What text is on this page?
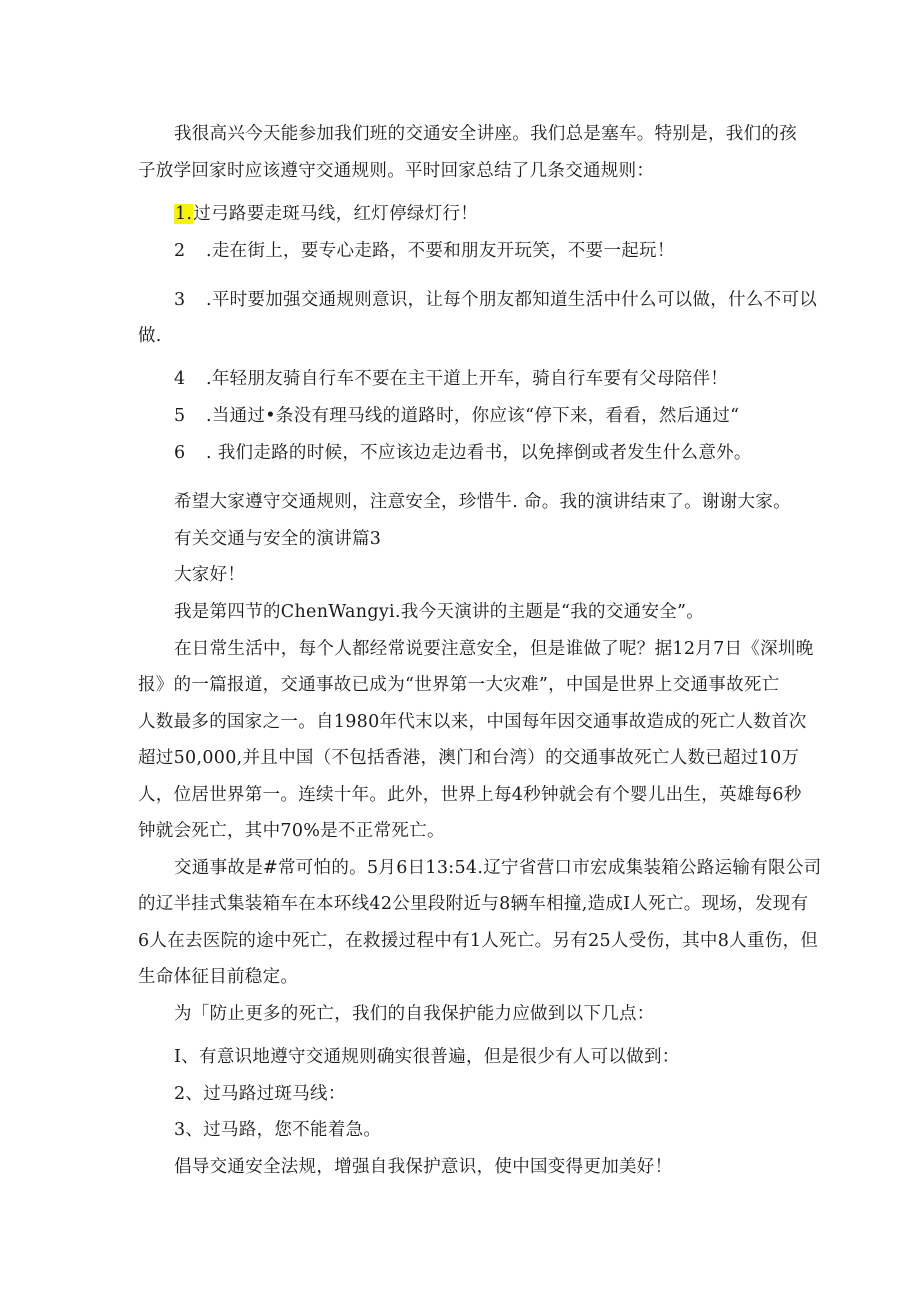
我很高兴今天能参加我们班的交通安全讲座。我们总是塞车。特别是，我们的孩
子放学回家时应该遵守交通规则。平时回家总结了几条交通规则：
1.过弓路要走斑马线，红灯停绿灯行！
2 .走在街上，要专心走路，不要和朋友开玩笑，不要一起玩！
3 .平时要加强交通规则意识，让每个朋友都知道生活中什么可以做，什么不可以
做.
4 .年轻朋友骑自行车不要在主干道上开车，骑自行车要有父母陪伴！
5 .当通过•条没有理马线的道路时，你应该“停下来，看看，然后通过“
6 . 我们走路的时候，不应该边走边看书，以免摔倒或者发生什么意外。
希望大家遵守交通规则，注意安全，珍惜牛. 命。我的演讲结束了。谢谢大家。
有关交通与安全的演讲篇3
大家好！
我是第四节的ChenWangyi.我今天演讲的主题是“我的交通安全”。
在日常生活中，每个人都经常说要注意安全，但是谁做了呢？据12月7日《深圳晚
报》的一篇报道，交通事故已成为“世界第一大灾难”，中国是世界上交通事故死亡
人数最多的国家之一。自1980年代末以来，中国每年因交通事故造成的死亡人数首次
超过50,000,并且中国（不包括香港，澳门和台湾）的交通事故死亡人数已超过10万
人，位居世界第一。连续十年。此外，世界上每4秒钟就会有个婴儿出生，英雄每6秒
钟就会死亡，其中70%是不正常死亡。
交通事故是#常可怕的。5月6日13:54.辽宁省营口市宏成集装箱公路运输有限公司
的辽半挂式集装箱车在本环线42公里段附近与8辆车相撞,造成I人死亡。现场，发现有
6人在去医院的途中死亡，在救援过程中有1人死亡。另有25人受伤，其中8人重伤，但
生命体征目前稳定。
为「防止更多的死亡，我们的自我保护能力应做到以下几点：
I、有意识地遵守交通规则确实很普遍，但是很少有人可以做到：
2、过马路过斑马线：
3、过马路，您不能着急。
倡导交通安全法规，增强自我保护意识，使中国变得更加美好！
